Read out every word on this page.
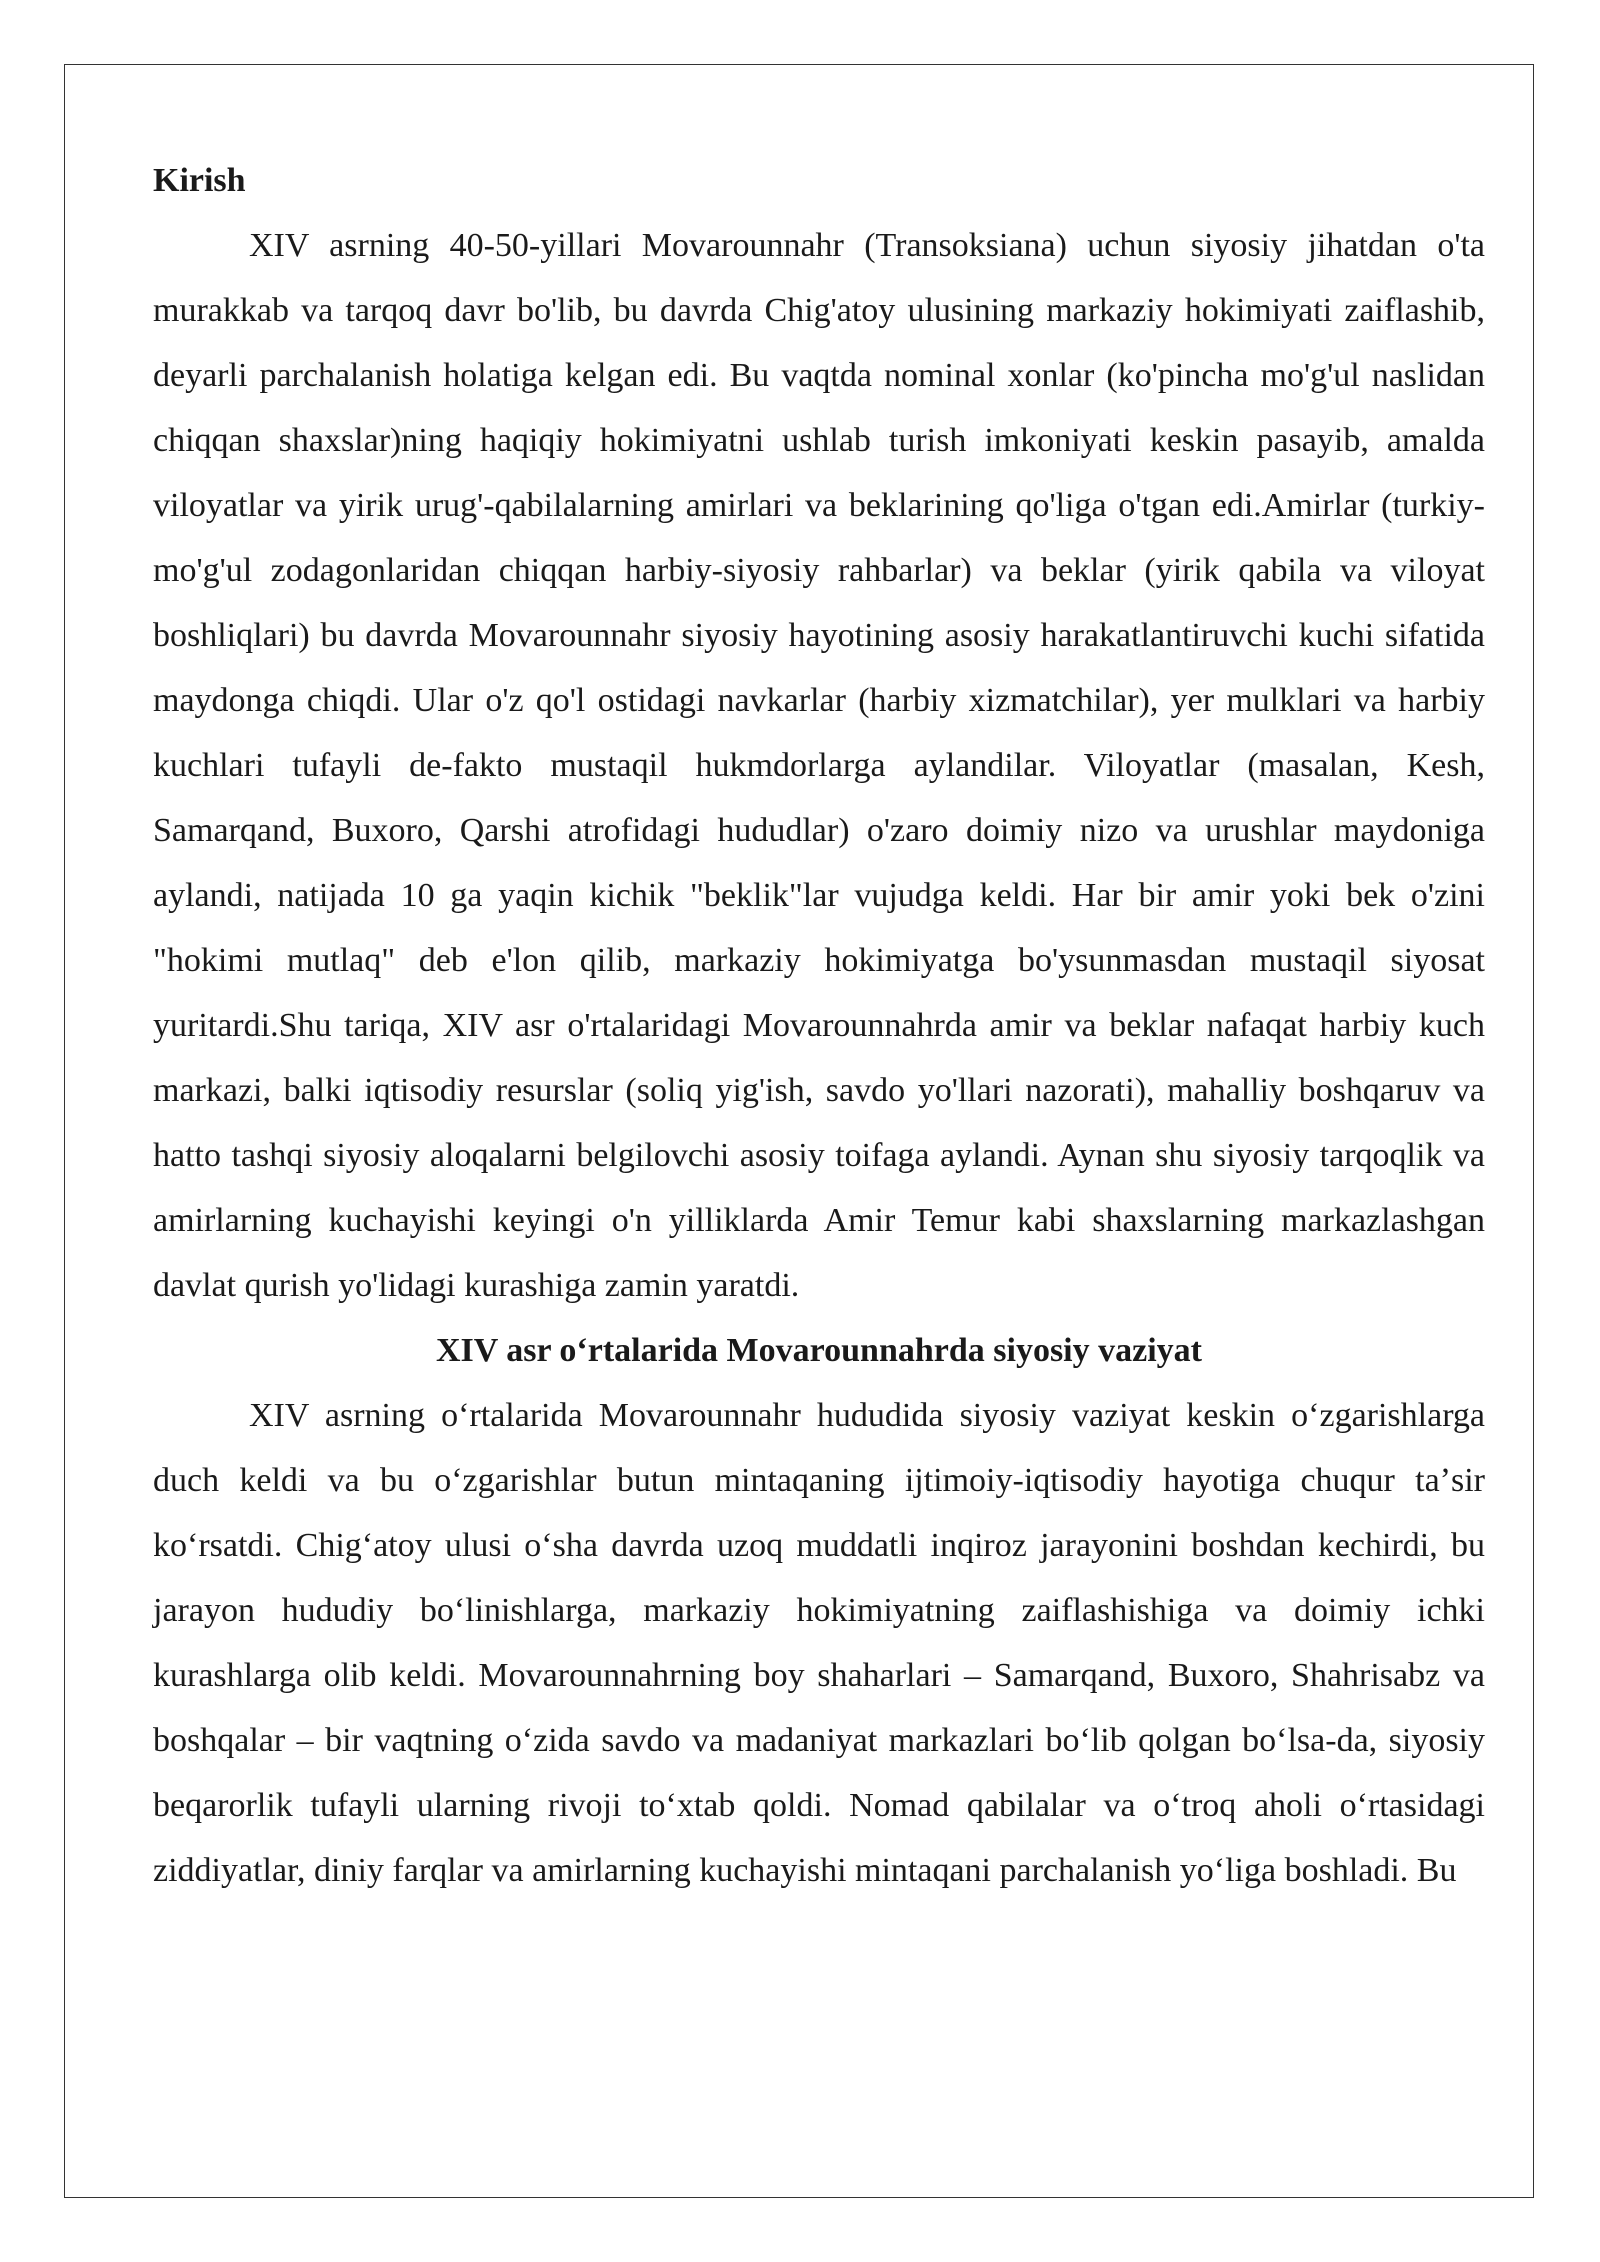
Kirish

XIV asrning 40-50-yillari Movarounnahr (Transoksiana) uchun siyosiy jihatdan o'ta murakkab va tarqoq davr bo'lib, bu davrda Chig'atoy ulusining markaziy hokimiyati zaiflashib, deyarli parchalanish holatiga kelgan edi. Bu vaqtda nominal xonlar (ko'pincha mo'g'ul naslidan chiqqan shaxslar)ning haqiqiy hokimiyatni ushlab turish imkoniyati keskin pasayib, amalda viloyatlar va yirik urug'-qabilalarning amirlari va beklarining qo'liga o'tgan edi.Amirlar (turkiy-mo'g'ul zodagonlaridan chiqqan harbiy-siyosiy rahbarlar) va beklar (yirik qabila va viloyat boshliqlari) bu davrda Movarounnahr siyosiy hayotining asosiy harakatlantiruvchi kuchi sifatida maydonga chiqdi. Ular o'z qo'l ostidagi navkarlar (harbiy xizmatchilar), yer mulklari va harbiy kuchlari tufayli de-fakto mustaqil hukmdorlarga aylandilar. Viloyatlar (masalan, Kesh, Samarqand, Buxoro, Qarshi atrofidagi hududlar) o'zaro doimiy nizo va urushlar maydoniga aylandi, natijada 10 ga yaqin kichik "beklik"lar vujudga keldi. Har bir amir yoki bek o'zini "hokimi mutlaq" deb e'lon qilib, markaziy hokimiyatga bo'ysunmasdan mustaqil siyosat yuritardi.Shu tariqa, XIV asr o'rtalaridagi Movarounnahrda amir va beklar nafaqat harbiy kuch markazi, balki iqtisodiy resurslar (soliq yig'ish, savdo yo'llari nazorati), mahalliy boshqaruv va hatto tashqi siyosiy aloqalarni belgilovchi asosiy toifaga aylandi. Aynan shu siyosiy tarqoqlik va amirlarning kuchayishi keyingi o'n yilliklarda Amir Temur kabi shaxslarning markazlashgan davlat qurish yo'lidagi kurashiga zamin yaratdi.

XIV asr oʻrtalarida Movarounnahrda siyosiy vaziyat

XIV asrning oʻrtalarida Movarounnahr hududida siyosiy vaziyat keskin oʻzgarishlarga duch keldi va bu oʻzgarishlar butun mintaqaning ijtimoiy-iqtisodiy hayotiga chuqur taʼsir koʻrsatdi. Chigʻatoy ulusi oʻsha davrda uzoq muddatli inqiroz jarayonini boshdan kechirdi, bu jarayon hududiy boʻlinishlarga, markaziy hokimiyatning zaiflashishiga va doimiy ichki kurashlarga olib keldi. Movarounnahrning boy shaharlari – Samarqand, Buxoro, Shahrisabz va boshqalar – bir vaqtning oʻzida savdo va madaniyat markazlari boʻlib qolgan boʻlsa-da, siyosiy beqarorlik tufayli ularning rivoji toʻxtab qoldi. Nomad qabilalar va oʻtroq aholi oʻrtasidagi ziddiyatlar, diniy farqlar va amirlarning kuchayishi mintaqani parchalanish yoʻliga boshladi. Bu
